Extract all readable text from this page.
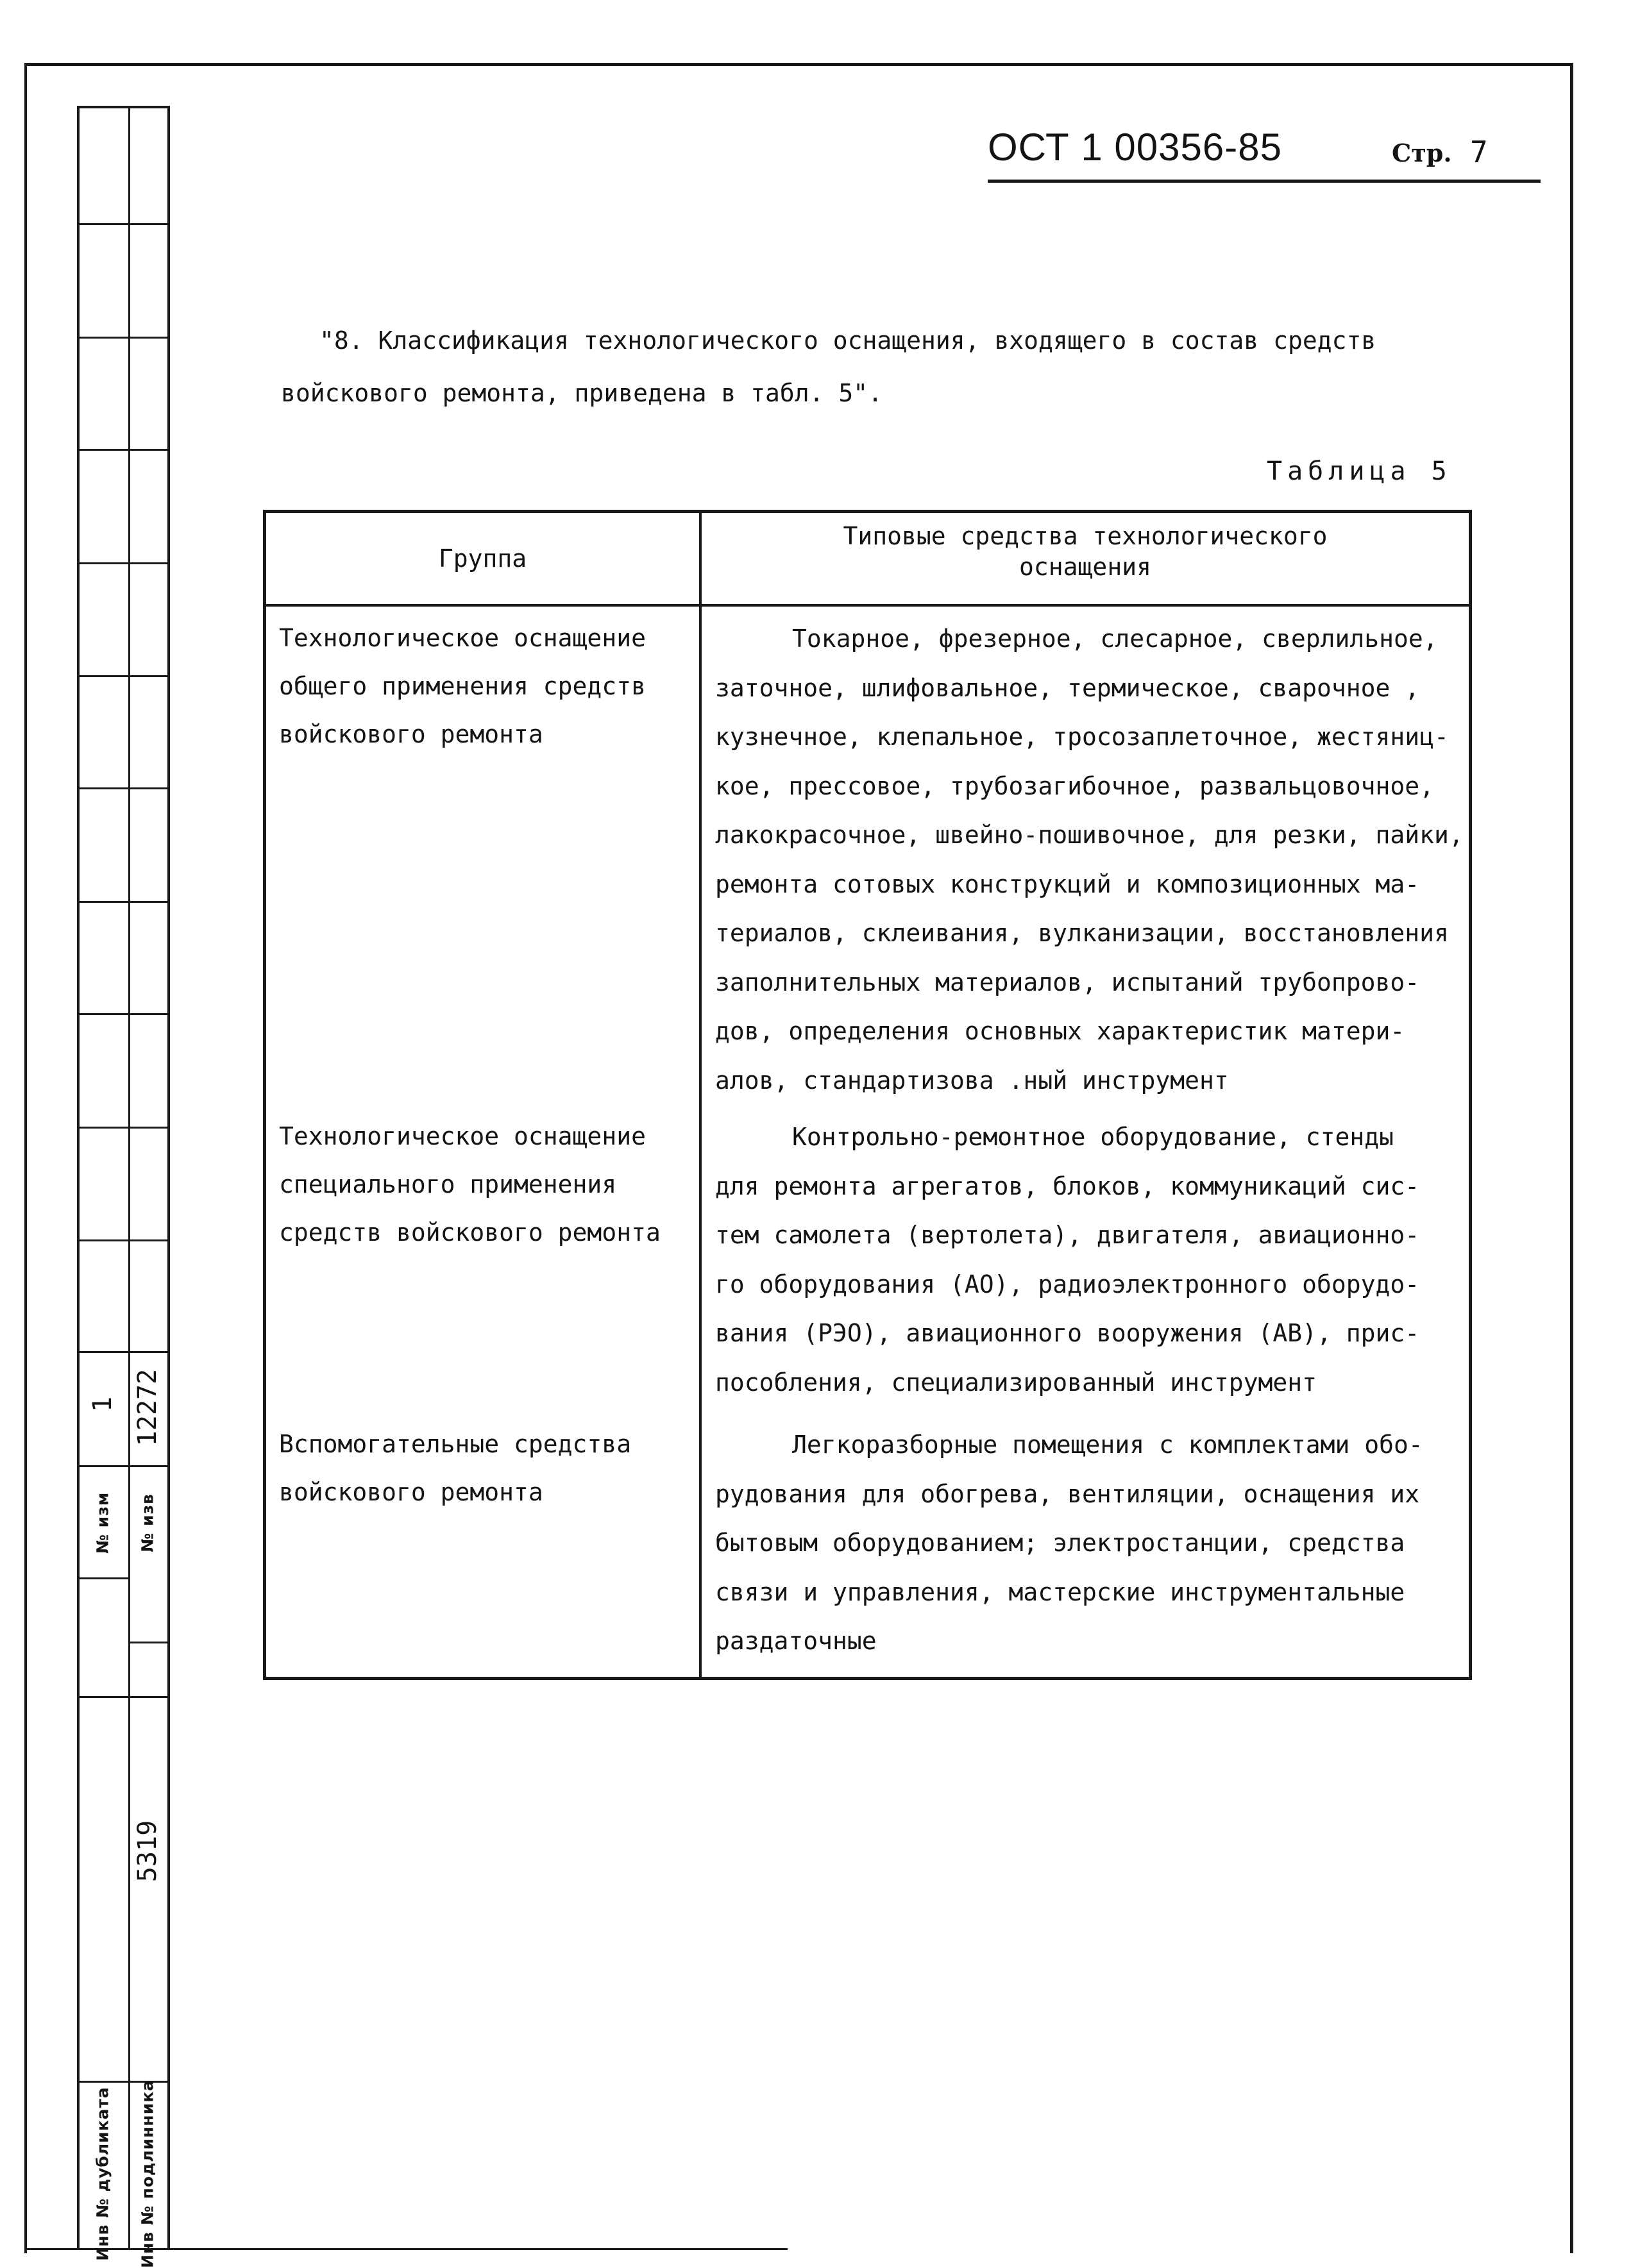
1
№ изм
12272
№ изв
5319
Инв № дубликата Инв № подлинника
ОСТ 1 00356-85	Стр. 7
"8. Классификация технологического оснащения, входящего в состав средств
войскового ремонта, приведена в табл. 5".
Таблица 5
Группа
Типовые средства технологического
оснащения
Технологическое оснащение
общего применения средств
войскового ремонта
Токарное, фрезерное, слесарное, сверлильное,
заточное, шлифовальное, термическое, сварочное ,
кузнечное, клепальное, тросозаплеточное, жестяниц-
кое, прессовое, трубозагибочное, развальцовочное,
лакокрасочное, швейно-пошивочное, для резки, пайки,
ремонта сотовых конструкций и композиционных ма-
териалов, склеивания, вулканизации, восстановления
заполнительных материалов, испытаний трубопрово-
дов, определения основных характеристик матери-
алов, стандартизова .ный инструмент
Технологическое оснащение
специального применения
средств войскового ремонта
Контрольно-ремонтное оборудование, стенды
для ремонта агрегатов, блоков, коммуникаций сис-
тем самолета (вертолета), двигателя, авиационно-
го оборудования (АО), радиоэлектронного оборудо-
вания (РЭО), авиационного вооружения (АВ), прис-
пособления, специализированный инструмент
Вспомогательные средства
войскового ремонта
Легкоразборные помещения с комплектами обо-
рудования для обогрева, вентиляции, оснащения их
бытовым оборудованием; электростанции, средства
связи и управления, мастерские инструментальные
раздаточные
